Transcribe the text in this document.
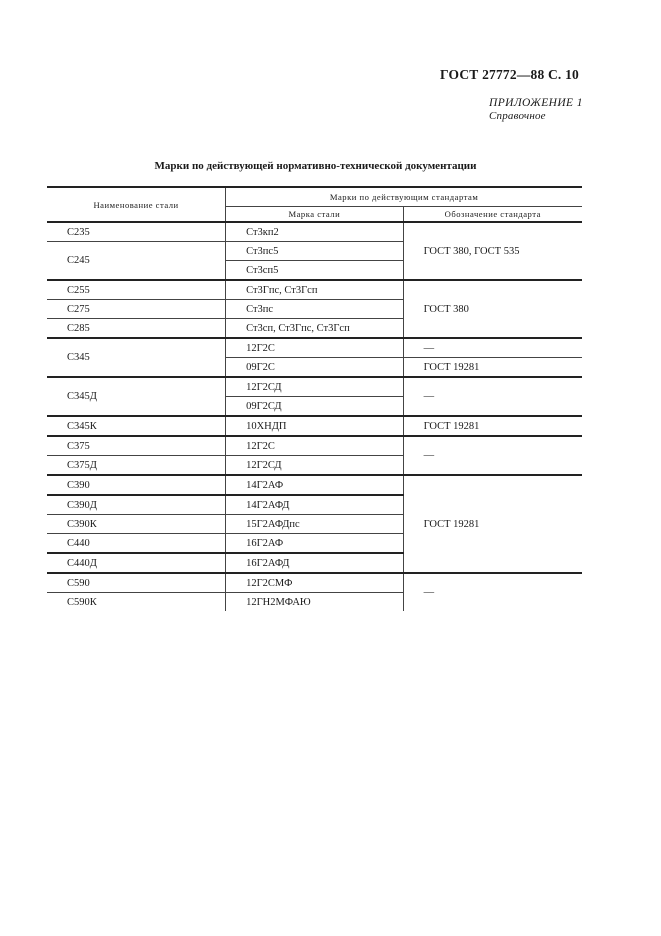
ГОСТ 27772—88 С. 10
ПРИЛОЖЕНИЕ 1
Справочное
Марки по действующей нормативно-технической документации
Наименование стали	Марки по действующим стандартам	
	Марка стали	Обозначение стандарта
С235	Ст3кп2	ГОСТ 380, ГОСТ 535
С245	Ст3пс5	
	Ст3сп5	
С255	Ст3Гпс, Ст3Гсп	ГОСТ 380
С275	Ст3пс	
С285	Ст3сп, Ст3Гпс, Ст3Гсп	
С345	12Г2С	—
	09Г2С	ГОСТ 19281
С345Д	12Г2СД	—
	09Г2СД	
С345К	10ХНДП	ГОСТ 19281
С375	12Г2С	—
С375Д	12Г2СД	
С390	14Г2АФ	ГОСТ 19281
С390Д	14Г2АФД	
С390К	15Г2АФДпс	
С440	16Г2АФ	
С440Д	16Г2АФД	
С590	12Г2СМФ	—
С590К	12ГН2МФАЮ	
